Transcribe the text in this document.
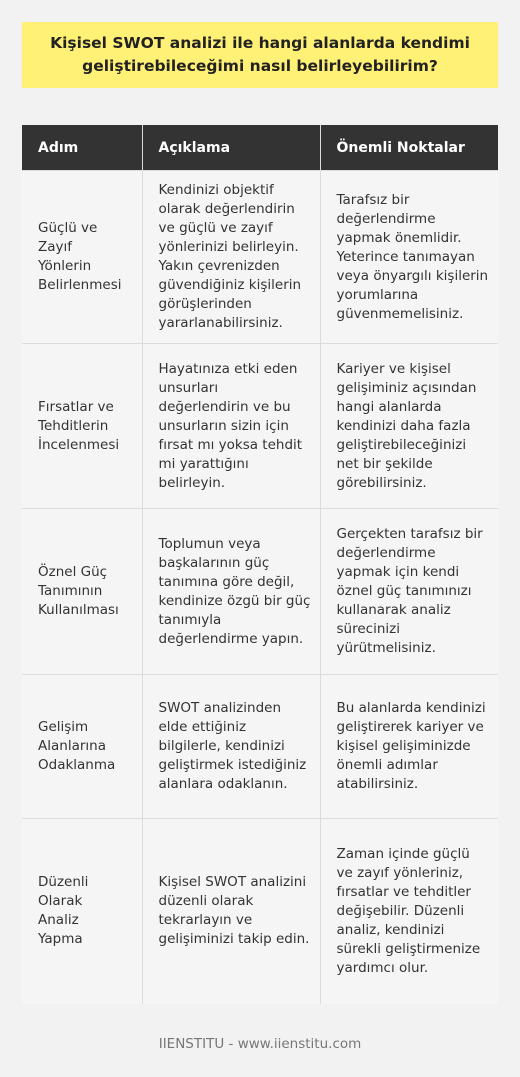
Kişisel SWOT analizi ile hangi alanlarda kendimi geliştirebileceğimi nasıl belirleyebilirim?
Adım	Açıklama	Önemli Noktalar
Güçlü ve Zayıf Yönlerin Belirlenmesi	Kendinizi objektif olarak değerlendirin ve güçlü ve zayıf yönlerinizi belirleyin. Yakın çevrenizden güvendiğiniz kişilerin görüşlerinden yararlanabilirsiniz.	Tarafsız bir değerlendirme yapmak önemlidir. Yeterince tanımayan veya önyargılı kişilerin yorumlarına güvenmemelisiniz.
Fırsatlar ve Tehditlerin İncelenmesi	Hayatınıza etki eden unsurları değerlendirin ve bu unsurların sizin için fırsat mı yoksa tehdit mi yarattığını belirleyin.	Kariyer ve kişisel gelişiminiz açısından hangi alanlarda kendinizi daha fazla geliştirebileceğinizi net bir şekilde görebilirsiniz.
Öznel Güç Tanımının Kullanılması	Toplumun veya başkalarının güç tanımına göre değil, kendinize özgü bir güç tanımıyla değerlendirme yapın.	Gerçekten tarafsız bir değerlendirme yapmak için kendi öznel güç tanımınızı kullanarak analiz sürecinizi yürütmelisiniz.
Gelişim Alanlarına Odaklanma	SWOT analizinden elde ettiğiniz bilgilerle, kendinizi geliştirmek istediğiniz alanlara odaklanın.	Bu alanlarda kendinizi geliştirerek kariyer ve kişisel gelişiminizde önemli adımlar atabilirsiniz.
Düzenli Olarak Analiz Yapma	Kişisel SWOT analizini düzenli olarak tekrarlayın ve gelişiminizi takip edin.	Zaman içinde güçlü ve zayıf yönleriniz, fırsatlar ve tehditler değişebilir. Düzenli analiz, kendinizi sürekli geliştirmenize yardımcı olur.
IIENSTITU - www.iienstitu.com
